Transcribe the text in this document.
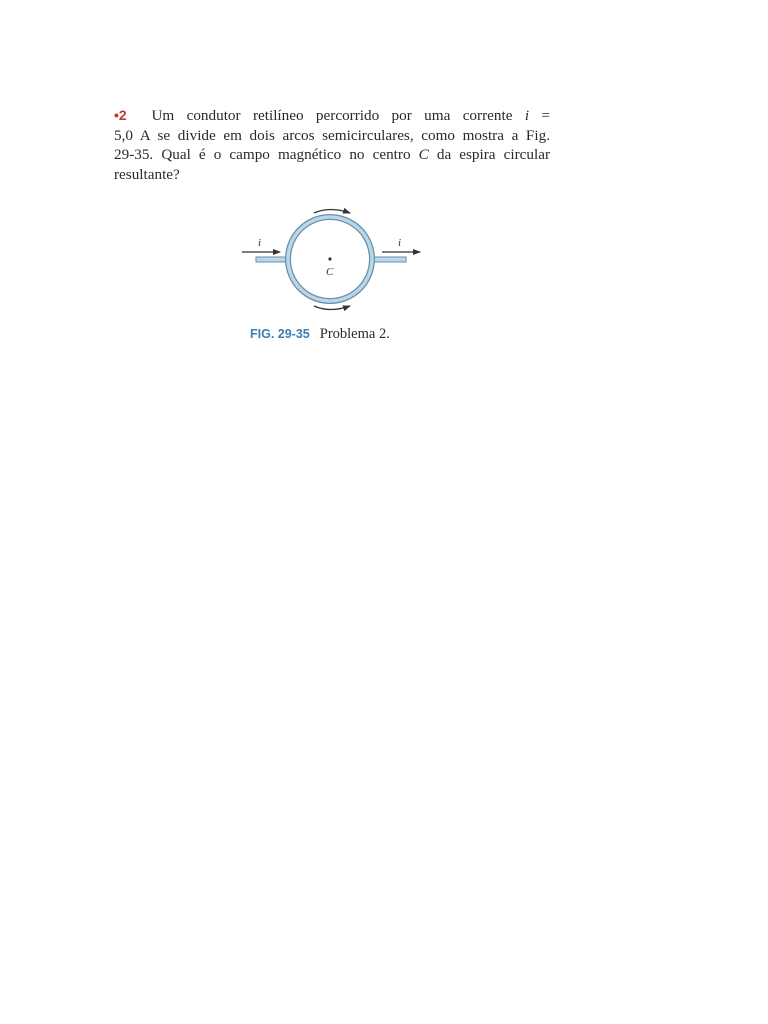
•2 Um condutor retilíneo percorrido por uma corrente i =
5,0 A se divide em dois arcos semicirculares, como mostra a Fig.
29-35. Qual é o campo magnético no centro C da espira circular
resultante?
i	i
C
FIG. 29-35 Problema 2.
